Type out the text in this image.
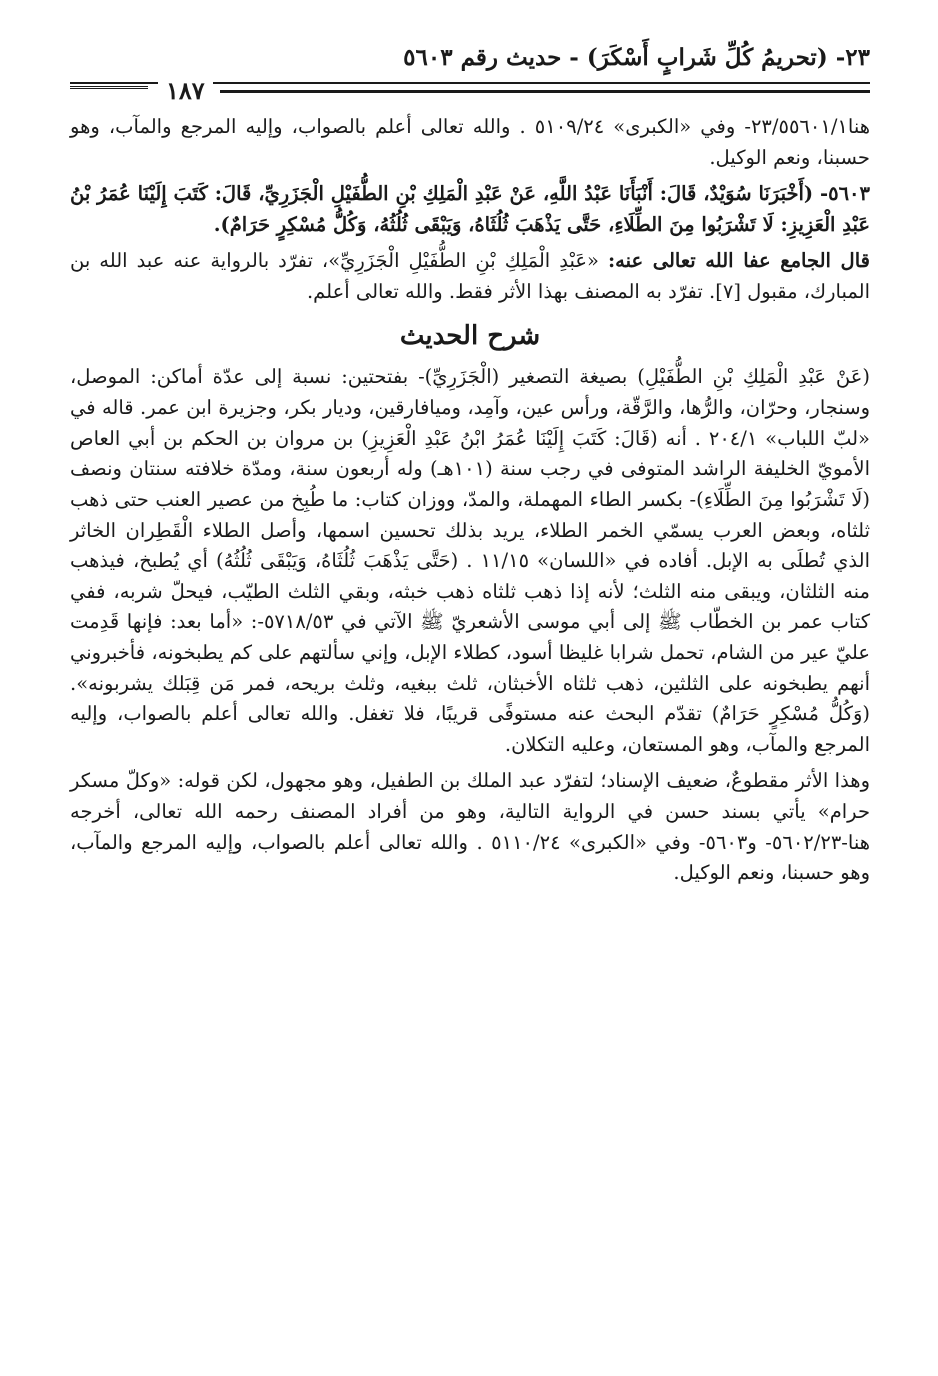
٢٣- (تحريمُ كُلِّ شَرابٍ أَسْكَرَ) - حديث رقم ٥٦٠٣
١٨٧

هنا٢٣/٥٥٦٠١/١- وفي «الكبرى» ٥١٠٩/٢٤ . والله تعالى أعلم بالصواب، وإليه المرجع والمآب، وهو حسبنا، ونعم الوكيل.

٥٦٠٣- (أَخْبَرَنَا سُوَيْدٌ، قَالَ: أَنْبَأَنَا عَبْدُ اللَّهِ، عَنْ عَبْدِ الْمَلِكِ بْنِ الطُّفَيْلِ الْجَزَرِيِّ، قَالَ: كَتَبَ إِلَيْنَا عُمَرُ بْنُ عَبْدِ الْعَزِيزِ: لَا تَشْرَبُوا مِنَ الطِّلَاءِ، حَتَّى يَذْهَبَ ثُلُثَاهُ، وَيَبْقَى ثُلُثُهُ، وَكُلُّ مُسْكِرٍ حَرَامٌ).

قال الجامع عفا الله تعالى عنه: «عَبْدِ الْمَلِكِ بْنِ الطُّفَيْلِ الْجَزَرِيِّ»، تفرّد بالرواية عنه عبد الله بن المبارك، مقبول [٧]. تفرّد به المصنف بهذا الأثر فقط. والله تعالى أعلم.

شرح الحديث

(عَنْ عَبْدِ الْمَلِكِ بْنِ الطُّفَيْلِ) بصيغة التصغير (الْجَزَرِيِّ)- بفتحتين: نسبة إلى عدّة أماكن: الموصل، وسنجار، وحرّان، والرُّها، والرَّقّة، ورأس عين، وآمِد، وميافارقين، وديار بكر، وجزيرة ابن عمر. قاله في «لبّ اللباب» ٢٠٤/١ . أنه (قَالَ: كَتَبَ إِلَيْنَا عُمَرُ ابْنُ عَبْدِ الْعَزِيزِ) بن مروان بن الحكم بن أبي العاص الأمويّ الخليفة الراشد المتوفى في رجب سنة (١٠١هـ) وله أربعون سنة، ومدّة خلافته سنتان ونصف (لَا تَشْرَبُوا مِنَ الطِّلَاءِ)- بكسر الطاء المهملة، والمدّ، ووزان كتاب: ما طُبِخ من عصير العنب حتى ذهب ثلثاه، وبعض العرب يسمّي الخمر الطلاء، يريد بذلك تحسين اسمها، وأصل الطلاء الْقَطِران الخاثر الذي تُطلَى به الإبل. أفاده في «اللسان» ١١/١٥ . (حَتَّى يَذْهَبَ ثُلُثَاهُ، وَيَبْقَى ثُلُثُهُ) أي يُطبخ، فيذهب منه الثلثان، ويبقى منه الثلث؛ لأنه إذا ذهب ثلثاه ذهب خبثه، وبقي الثلث الطيّب، فيحلّ شربه، ففي كتاب عمر بن الخطّاب ﷺ إلى أبي موسى الأشعريّ ﷺ الآتي في ٥٧١٨/٥٣-: «أما بعد: فإنها قَدِمت عليّ عير من الشام، تحمل شرابا غليظا أسود، كطلاء الإبل، وإني سألتهم على كم يطبخونه، فأخبروني أنهم يطبخونه على الثلثين، ذهب ثلثاه الأخبثان، ثلث ببغيه، وثلث بريحه، فمر مَن قِبَلك يشربونه». (وَكُلُّ مُسْكِرٍ حَرَامٌ) تقدّم البحث عنه مستوفًى قريبًا، فلا تغفل. والله تعالى أعلم بالصواب، وإليه المرجع والمآب، وهو المستعان، وعليه التكلان.

وهذا الأثر مقطوعٌ، ضعيف الإسناد؛ لتفرّد عبد الملك بن الطفيل، وهو مجهول، لكن قوله: «وكلّ مسكر حرام» يأتي بسند حسن في الرواية التالية، وهو من أفراد المصنف رحمه الله تعالى، أخرجه هنا-٥٦٠٢/٢٣- و٥٦٠٣- وفي «الكبرى» ٥١١٠/٢٤ . والله تعالى أعلم بالصواب، وإليه المرجع والمآب، وهو حسبنا، ونعم الوكيل.
